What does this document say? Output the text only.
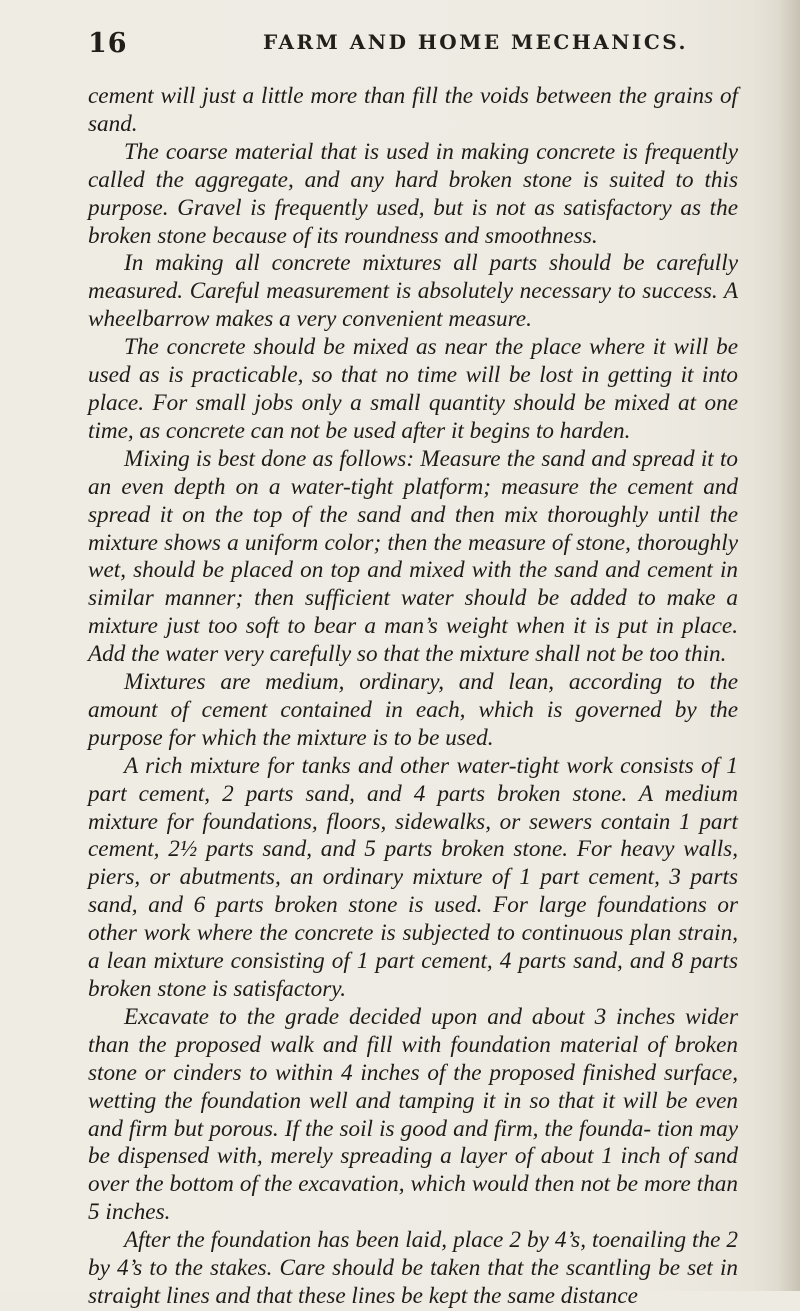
16	FARM AND HOME MECHANICS.

cement will just a little more than fill the voids between the grains of sand.

The coarse material that is used in making concrete is frequently called the aggregate, and any hard broken stone is suited to this purpose. Gravel is frequently used, but is not as satisfactory as the broken stone because of its roundness and smoothness.

In making all concrete mixtures all parts should be carefully measured. Careful measurement is absolutely necessary to success. A wheelbarrow makes a very convenient measure.

The concrete should be mixed as near the place where it will be used as is practicable, so that no time will be lost in getting it into place. For small jobs only a small quantity should be mixed at one time, as concrete can not be used after it begins to harden.

Mixing is best done as follows: Measure the sand and spread it to an even depth on a water-tight platform; measure the cement and spread it on the top of the sand and then mix thoroughly until the mixture shows a uniform color; then the measure of stone, thoroughly wet, should be placed on top and mixed with the sand and cement in similar manner; then sufficient water should be added to make a mixture just too soft to bear a man’s weight when it is put in place. Add the water very carefully so that the mixture shall not be too thin.

Mixtures are medium, ordinary, and lean, according to the amount of cement contained in each, which is governed by the purpose for which the mixture is to be used.

A rich mixture for tanks and other water-tight work consists of 1 part cement, 2 parts sand, and 4 parts broken stone. A medium mixture for foundations, floors, sidewalks, or sewers contain 1 part cement, 2½ parts sand, and 5 parts broken stone. For heavy walls, piers, or abutments, an ordinary mixture of 1 part cement, 3 parts sand, and 6 parts broken stone is used. For large foundations or other work where the concrete is subjected to continuous plan strain, a lean mixture consisting of 1 part cement, 4 parts sand, and 8 parts broken stone is satisfactory.

Excavate to the grade decided upon and about 3 inches wider than the proposed walk and fill with foundation material of broken stone or cinders to within 4 inches of the proposed finished surface, wetting the foundation well and tamping it in so that it will be even and firm but porous. If the soil is good and firm, the founda- tion may be dispensed with, merely spreading a layer of about 1 inch of sand over the bottom of the excavation, which would then not be more than 5 inches.

After the foundation has been laid, place 2 by 4’s, toenailing the 2 by 4’s to the stakes. Care should be taken that the scantling be set in straight lines and that these lines be kept the same distance
